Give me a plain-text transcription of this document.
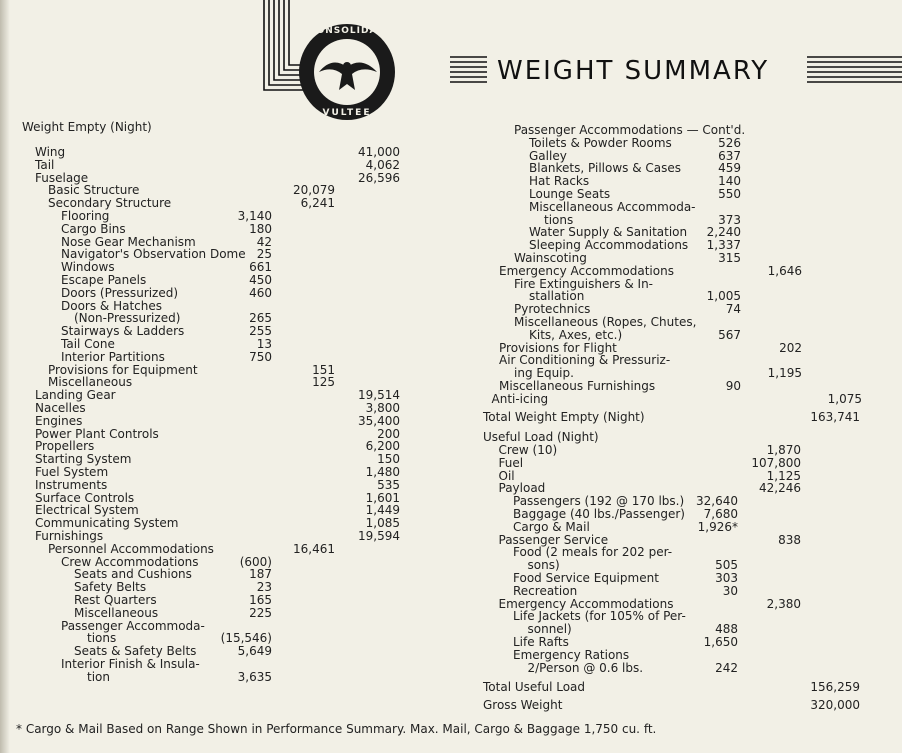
CONSOLIDATED
VULTEE
WEIGHT SUMMARY
Weight Empty (Night)
Wing	41,000
Tail	4,062
Fuselage	26,596
Basic Structure	20,079
Secondary Structure	6,241
Flooring	3,140
Cargo Bins	180
Nose Gear Mechanism	42
Navigator's Observation Dome 25
Windows	661
Escape Panels	450
Doors (Pressurized)	460
Doors & Hatches
(Non-Pressurized)	265
Stairways & Ladders	255
Tail Cone	13
Interior Partitions	750
Provisions for Equipment	151
Miscellaneous	125
Landing Gear	19,514
Nacelles	3,800
Engines	35,400
Power Plant Controls	200
Propellers	6,200
Starting System	150
Fuel System	1,480
Instruments	535
Surface Controls	1,601
Electrical System	1,449
Communicating System	1,085
Furnishings	19,594
Personnel Accommodations	16,461
Crew Accommodations	(600)
Seats and Cushions	187
Safety Belts	23
Rest Quarters	165
Miscellaneous	225
Passenger Accommoda-
tions	(15,546)
Seats & Safety Belts	5,649
Interior Finish & Insula-
tion	3,635
Passenger Accommodations — Cont'd.
Toilets & Powder Rooms	526
Galley	637
Blankets, Pillows & Cases	459
Hat Racks	140
Lounge Seats	550
Miscellaneous Accommoda-
tions	373
Water Supply & Sanitation 2,240
Sleeping Accommodations 1,337
Wainscoting	315
Emergency Accommodations	1,646
Fire Extinguishers & In-
stallation	1,005
Pyrotechnics	74
Miscellaneous (Ropes, Chutes,
Kits, Axes, etc.)	567
Provisions for Flight	202
Air Conditioning & Pressuriz-
ing Equip.	1,195
Miscellaneous Furnishings	90
Anti-icing	1,075
Total Weight Empty (Night)	163,741
Useful Load (Night)
Crew (10)	1,870
Fuel	107,800
Oil	1,125
Payload	42,246
Passengers (192 @ 170 lbs.) 32,640
Baggage (40 lbs./Passenger) 7,680
Cargo & Mail	1,926*
Passenger Service	838
Food (2 meals for 202 per-
sons)	505
Food Service Equipment	303
Recreation	30
Emergency Accommodations	2,380
Life Jackets (for 105% of Per-
sonnel)	488
Life Rafts	1,650
Emergency Rations
2/Person @ 0.6 lbs.	242
Total Useful Load	156,259
Gross Weight	320,000
* Cargo & Mail Based on Range Shown in Performance Summary. Max. Mail, Cargo & Baggage 1,750 cu. ft.
